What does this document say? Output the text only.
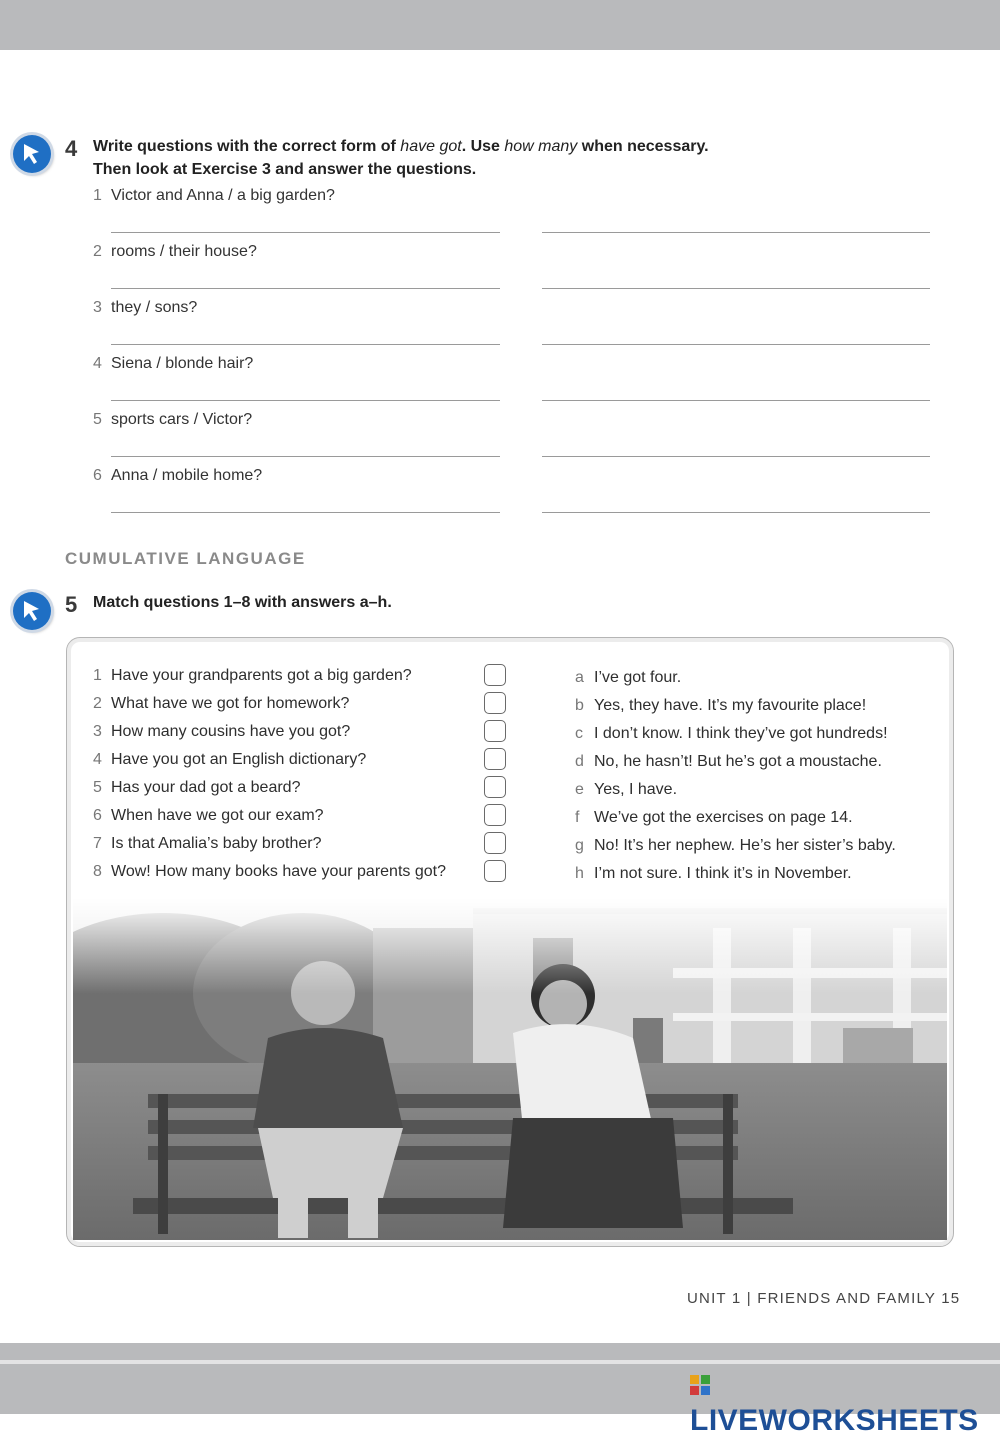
4 Write questions with the correct form of have got. Use how many when necessary.
Then look at Exercise 3 and answer the questions.
1 Victor and Anna / a big garden?
2 rooms / their house?
3 they / sons?
4 Siena / blonde hair?
5 sports cars / Victor?
6 Anna / mobile home?
CUMULATIVE LANGUAGE
5 Match questions 1–8 with answers a–h.
1 Have your grandparents got a big garden?
2 What have we got for homework?
3 How many cousins have you got?
4 Have you got an English dictionary?
5 Has your dad got a beard?
6 When have we got our exam?
7 Is that Amalia’s baby brother?
8 Wow! How many books have your parents got?
a I’ve got four.
b Yes, they have. It’s my favourite place!
c I don’t know. I think they’ve got hundreds!
d No, he hasn’t! But he’s got a moustache.
e Yes, I have.
f We’ve got the exercises on page 14.
g No! It’s her nephew. He’s her sister’s baby.
h I’m not sure. I think it’s in November.
UNIT 1 | FRIENDS AND FAMILY 15
LIVEWORKSHEETS
